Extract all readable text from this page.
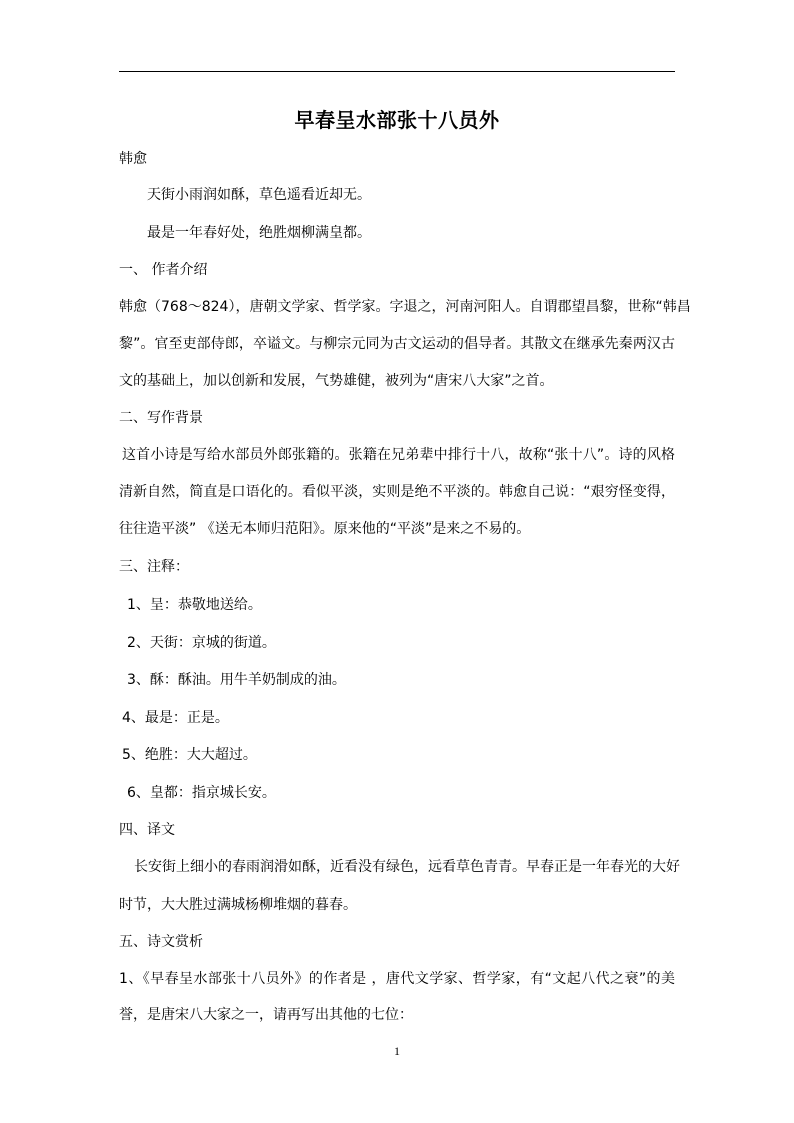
早春呈水部张十八员外
韩愈
天街小雨润如酥，草色遥看近却无。
最是一年春好处，绝胜烟柳满皇都。
一、 作者介绍
韩愈（768～824），唐朝文学家、哲学家。字退之，河南河阳人。自谓郡望昌黎，世称“韩昌
黎”。官至吏部侍郎，卒谥文。与柳宗元同为古文运动的倡导者。其散文在继承先秦两汉古
文的基础上，加以创新和发展，气势雄健，被列为“唐宋八大家”之首。
二、写作背景
这首小诗是写给水部员外郎张籍的。张籍在兄弟辈中排行十八，故称“张十八”。诗的风格
清新自然，简直是口语化的。看似平淡，实则是绝不平淡的。韩愈自己说：“艰穷怪变得，
往往造平淡” 《送无本师归范阳》。原来他的“平淡”是来之不易的。
三、注释：
1、呈：恭敬地送给。
2、天街：京城的街道。
3、酥：酥油。用牛羊奶制成的油。
4、最是：正是。
5、绝胜：大大超过。
6、皇都：指京城长安。
四、译文
长安街上细小的春雨润滑如酥，近看没有绿色，远看草色青青。早春正是一年春光的大好
时节，大大胜过满城杨柳堆烟的暮春。
五、诗文赏析
1、《早春呈水部张十八员外》的作者是 ，唐代文学家、哲学家，有“文起八代之衰”的美
誉，是唐宋八大家之一，请再写出其他的七位：
1
